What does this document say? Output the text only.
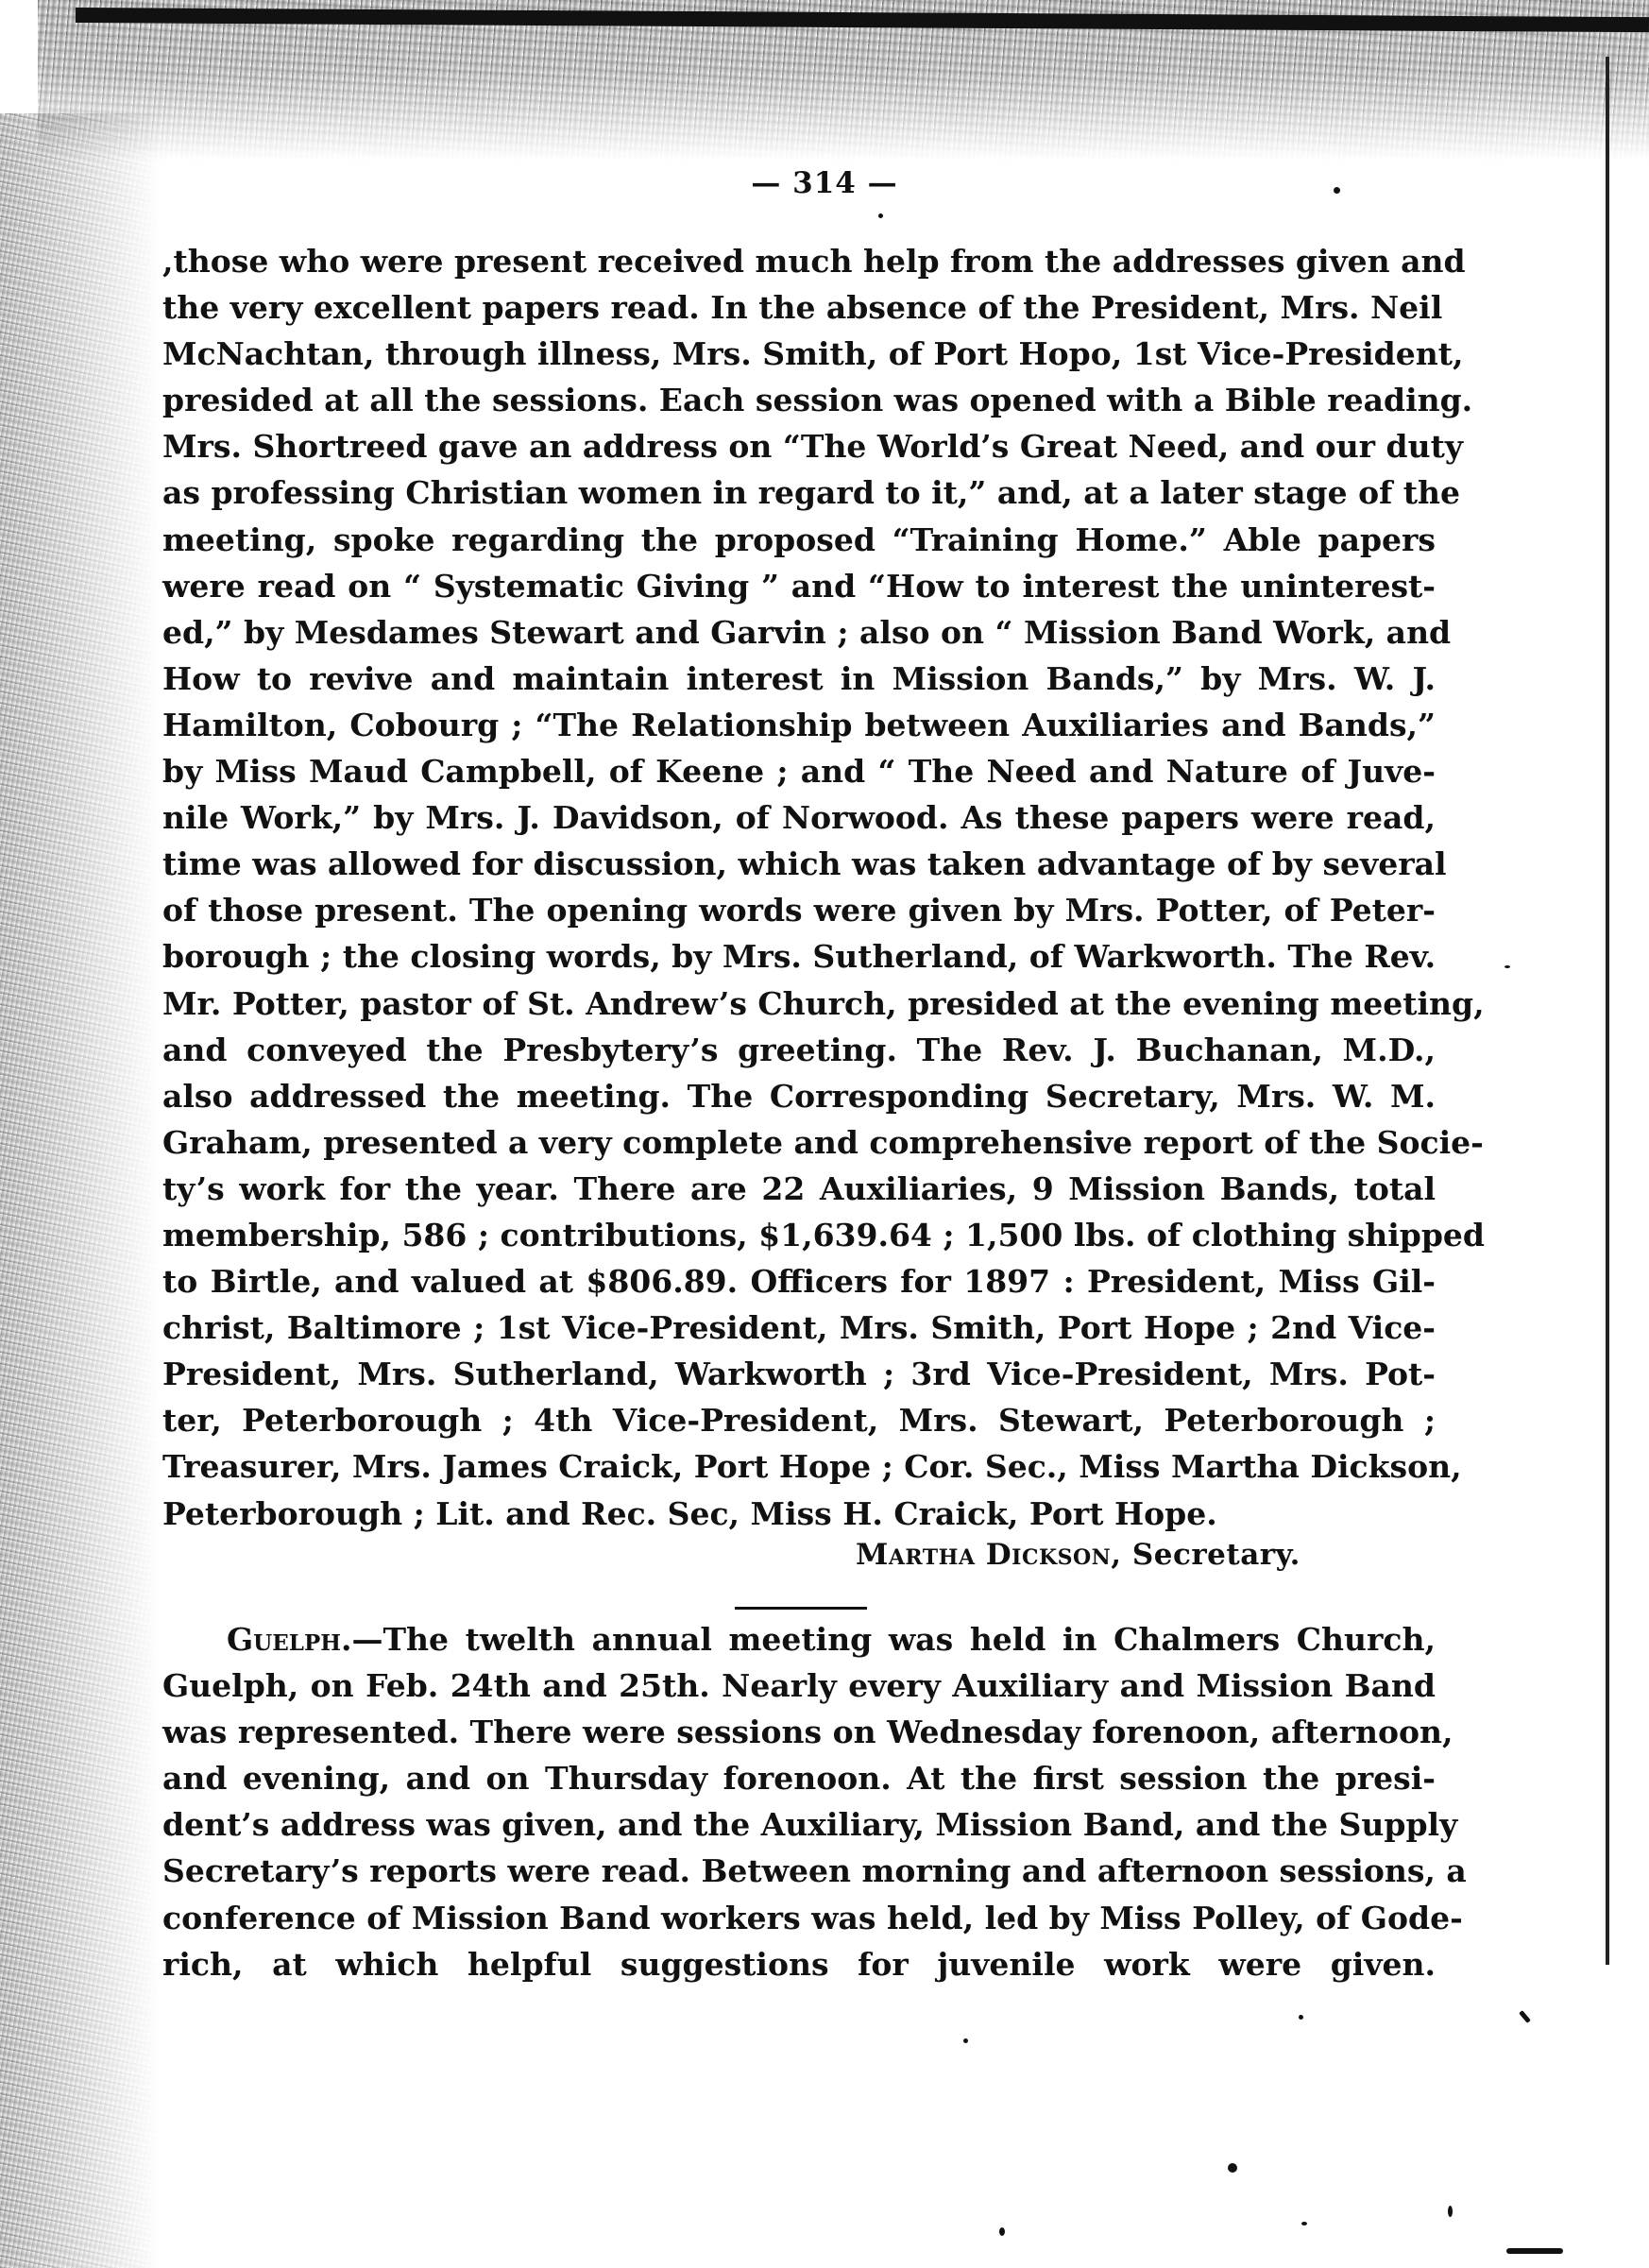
— 314 —
,those who were present received much help from the addresses given and
the very excellent papers read. In the absence of the President, Mrs. Neil
McNachtan, through illness, Mrs. Smith, of Port Hopo, 1st Vice-President,
presided at all the sessions. Each session was opened with a Bible reading.
Mrs. Shortreed gave an address on “The World’s Great Need, and our duty
as professing Christian women in regard to it,” and, at a later stage of the
meeting, spoke regarding the proposed “Training Home.” Able papers
were read on “ Systematic Giving ” and “How to interest the uninterest-
ed,” by Mesdames Stewart and Garvin ; also on “ Mission Band Work, and
How to revive and maintain interest in Mission Bands,” by Mrs. W. J.
Hamilton, Cobourg ; “The Relationship between Auxiliaries and Bands,”
by Miss Maud Campbell, of Keene ; and “ The Need and Nature of Juve-
nile Work,” by Mrs. J. Davidson, of Norwood. As these papers were read,
time was allowed for discussion, which was taken advantage of by several
of those present. The opening words were given by Mrs. Potter, of Peter-
borough ; the closing words, by Mrs. Sutherland, of Warkworth. The Rev.
Mr. Potter, pastor of St. Andrew’s Church, presided at the evening meeting,
and conveyed the Presbytery’s greeting. The Rev. J. Buchanan, M.D.,
also addressed the meeting. The Corresponding Secretary, Mrs. W. M.
Graham, presented a very complete and comprehensive report of the Socie-
ty’s work for the year. There are 22 Auxiliaries, 9 Mission Bands, total
membership, 586 ; contributions, $1,639.64 ; 1,500 lbs. of clothing shipped
to Birtle, and valued at $806.89. Officers for 1897 : President, Miss Gil-
christ, Baltimore ; 1st Vice-President, Mrs. Smith, Port Hope ; 2nd Vice-
President, Mrs. Sutherland, Warkworth ; 3rd Vice-President, Mrs. Pot-
ter, Peterborough ; 4th Vice-President, Mrs. Stewart, Peterborough ;
Treasurer, Mrs. James Craick, Port Hope ; Cor. Sec., Miss Martha Dickson,
Peterborough ; Lit. and Rec. Sec, Miss H. Craick, Port Hope.
Martha Dickson, Secretary.
Guelph.—The twelth annual meeting was held in Chalmers Church,
Guelph, on Feb. 24th and 25th. Nearly every Auxiliary and Mission Band
was represented. There were sessions on Wednesday forenoon, afternoon,
and evening, and on Thursday forenoon. At the first session the presi-
dent’s address was given, and the Auxiliary, Mission Band, and the Supply
Secretary’s reports were read. Between morning and afternoon sessions, a
conference of Mission Band workers was held, led by Miss Polley, of Gode-
rich, at which helpful suggestions for juvenile work were given.
